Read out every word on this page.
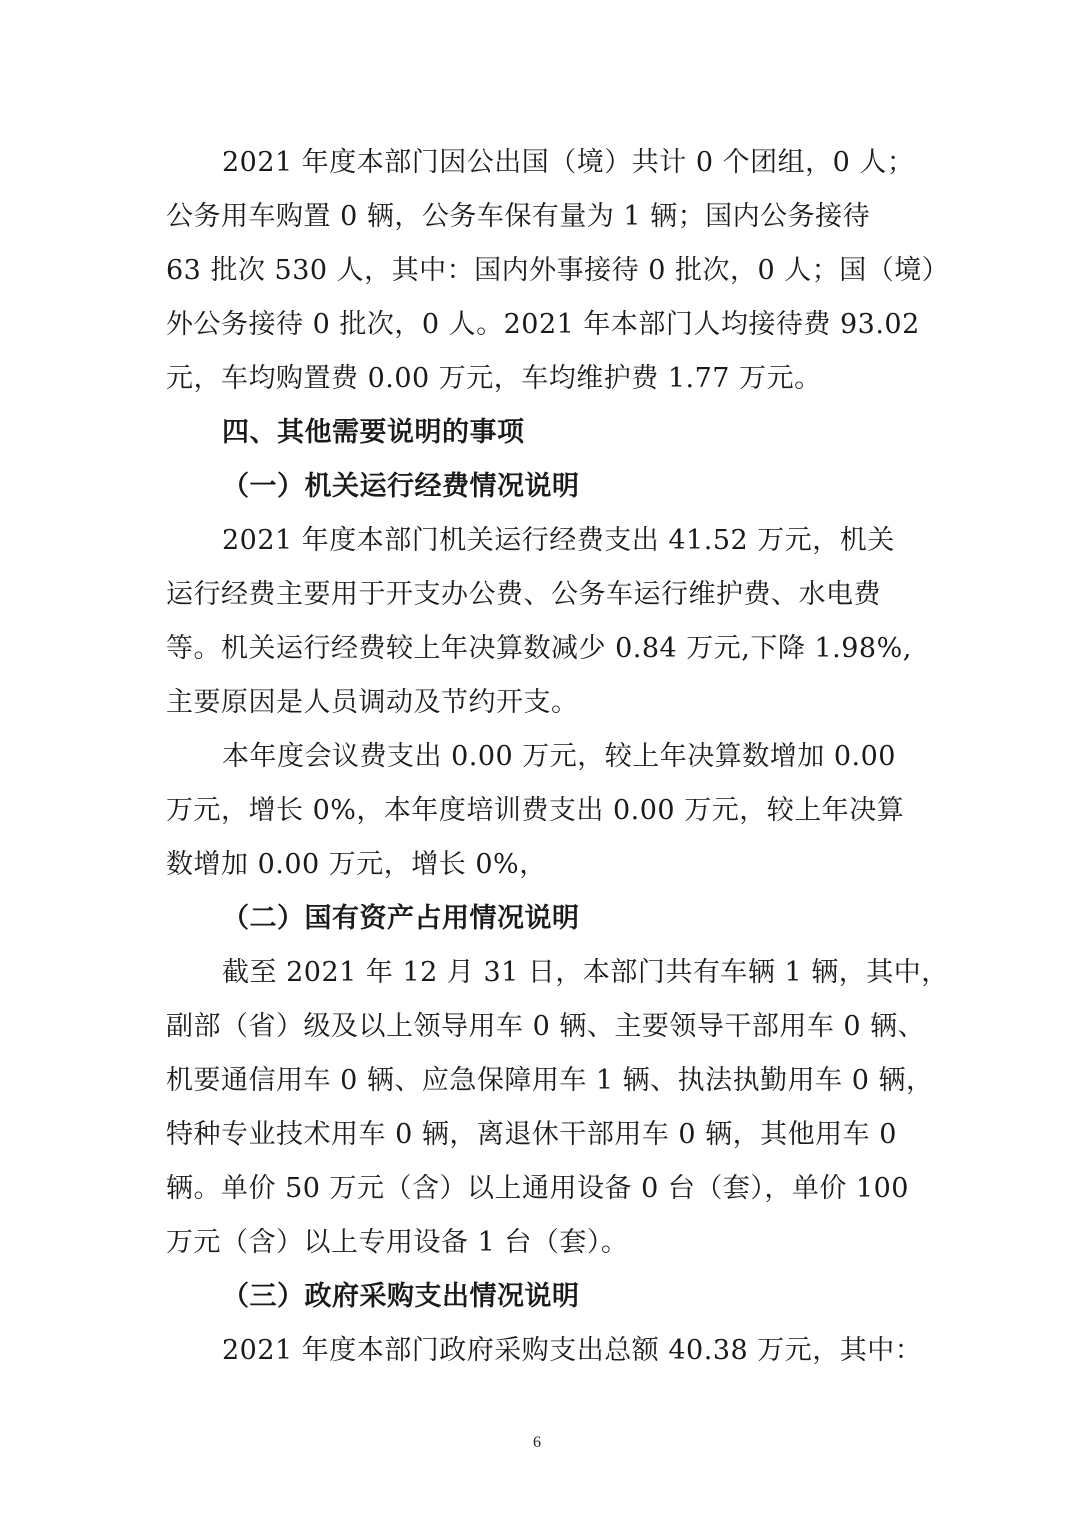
2021 年度本部门因公出国（境）共计 0 个团组，0 人；
公务用车购置 0 辆，公务车保有量为 1 辆；国内公务接待
63 批次 530 人，其中：国内外事接待 0 批次，0 人；国（境）
外公务接待 0 批次，0 人。2021 年本部门人均接待费 93.02
元，车均购置费 0.00 万元，车均维护费 1.77 万元。
四、其他需要说明的事项
（一）机关运行经费情况说明
2021 年度本部门机关运行经费支出 41.52 万元，机关
运行经费主要用于开支办公费、公务车运行维护费、水电费
等。机关运行经费较上年决算数减少 0.84 万元,下降 1.98%,
主要原因是人员调动及节约开支。
本年度会议费支出 0.00 万元，较上年决算数增加 0.00
万元，增长 0%，本年度培训费支出 0.00 万元，较上年决算
数增加 0.00 万元，增长 0%，
（二）国有资产占用情况说明
截至 2021 年 12 月 31 日，本部门共有车辆 1 辆，其中，
副部（省）级及以上领导用车 0 辆、主要领导干部用车 0 辆、
机要通信用车 0 辆、应急保障用车 1 辆、执法执勤用车 0 辆，
特种专业技术用车 0 辆，离退休干部用车 0 辆，其他用车 0
辆。单价 50 万元（含）以上通用设备 0 台（套），单价 100
万元（含）以上专用设备 1 台（套）。
（三）政府采购支出情况说明
2021 年度本部门政府采购支出总额 40.38 万元，其中：
6
